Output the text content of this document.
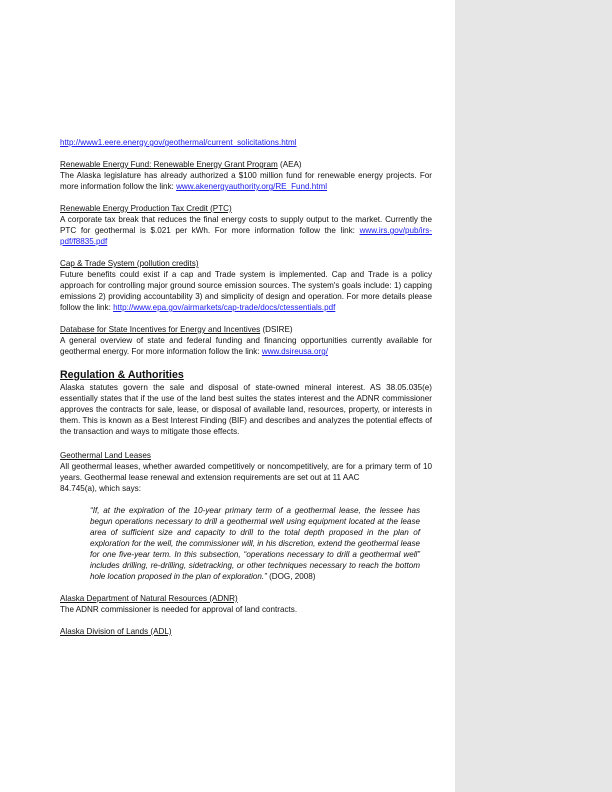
http://www1.eere.energy.gov/geothermal/current_solicitations.html

Renewable Energy Fund: Renewable Energy Grant Program (AEA)

The Alaska legislature has already authorized a $100 million fund for renewable energy projects. For more information follow the link: www.akenergyauthority.org/RE_Fund.html

Renewable Energy Production Tax Credit (PTC)

A corporate tax break that reduces the final energy costs to supply output to the market. Currently the PTC for geothermal is $.021 per kWh. For more information follow the link: www.irs.gov/pub/irs-pdf/f8835.pdf

Cap & Trade System (pollution credits)

Future benefits could exist if a cap and Trade system is implemented. Cap and Trade is a policy approach for controlling major ground source emission sources. The system's goals include: 1) capping emissions 2) providing accountability 3) and simplicity of design and operation. For more details please follow the link: http://www.epa.gov/airmarkets/cap-trade/docs/ctessentials.pdf

Database for State Incentives for Energy and Incentives (DSIRE)

A general overview of state and federal funding and financing opportunities currently available for geothermal energy. For more information follow the link: www.dsireusa.org/

Regulation & Authorities

Alaska statutes govern the sale and disposal of state-owned mineral interest. AS 38.05.035(e) essentially states that if the use of the land best suites the states interest and the ADNR commissioner approves the contracts for sale, lease, or disposal of available land, resources, property, or interests in them. This is known as a Best Interest Finding (BIF) and describes and analyzes the potential effects of the transaction and ways to mitigate those effects.

Geothermal Land Leases

All geothermal leases, whether awarded competitively or noncompetitively, are for a primary term of 10 years. Geothermal lease renewal and extension requirements are set out at 11 AAC

84.745(a), which says:

“If, at the expiration of the 10-year primary term of a geothermal lease, the lessee has begun operations necessary to drill a geothermal well using equipment located at the lease area of sufficient size and capacity to drill to the total depth proposed in the plan of exploration for the well, the commissioner will, in his discretion, extend the geothermal lease for one five-year term. In this subsection, “operations necessary to drill a geothermal well” includes drilling, re-drilling, sidetracking, or other techniques necessary to reach the bottom hole location proposed in the plan of exploration.” (DOG, 2008)

Alaska Department of Natural Resources (ADNR)

The ADNR commissioner is needed for approval of land contracts.

Alaska Division of Lands (ADL)
